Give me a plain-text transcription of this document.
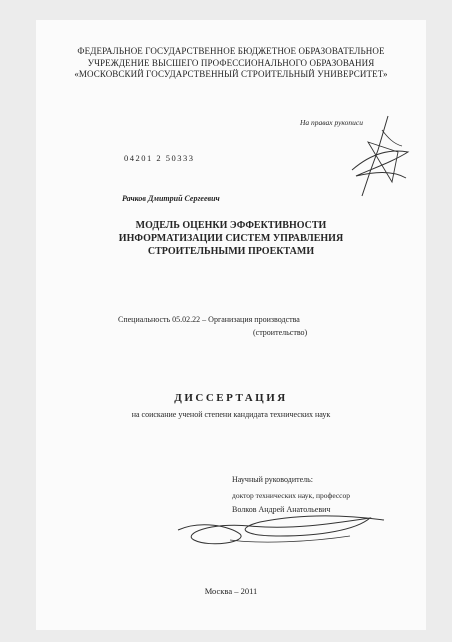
ФЕДЕРАЛЬНОЕ ГОСУДАРСТВЕННОЕ БЮДЖЕТНОЕ ОБРАЗОВАТЕЛЬНОЕ
УЧРЕЖДЕНИЕ ВЫСШЕГО ПРОФЕССИОНАЛЬНОГО ОБРАЗОВАНИЯ
«МОСКОВСКИЙ ГОСУДАРСТВЕННЫЙ СТРОИТЕЛЬНЫЙ УНИВЕРСИТЕТ»
На правах рукописи
04201 2 50333
Рачков Дмитрий Сергеевич
МОДЕЛЬ ОЦЕНКИ ЭФФЕКТИВНОСТИ
ИНФОРМАТИЗАЦИИ СИСТЕМ УПРАВЛЕНИЯ
СТРОИТЕЛЬНЫМИ ПРОЕКТАМИ
Специальность 05.02.22 – Организация производства
(строительство)
ДИССЕРТАЦИЯ
на соискание ученой степени кандидата технических наук
Научный руководитель:
доктор технических наук, профессор
Волков Андрей Анатольевич
Москва – 2011
